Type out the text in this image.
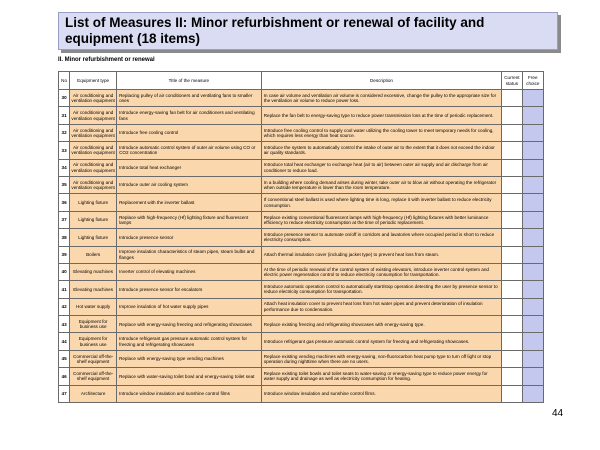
List of Measures II: Minor refurbishment or renewal of facility and equipment (18 items)
II. Minor refurbishment or renewal
No	Equipment type	Title of the measure	Description	Current status	Free choice
30	Air conditioning and ventilation equipment	Replacing pulley of air conditioners and ventilating fans to smaller ones	In case air volume and ventilation air volume is considered excessive, change the pulley to the appropriate size for the ventilation air volume to reduce power loss.		
31	Air conditioning and ventilation equipment	Introduce energy-saving fan belt for air conditioners and ventilating fans	Replace the fan belt to energy-saving type to reduce power transmission loss at the time of periodic replacement.		
32	Air conditioning and ventilation equipment	Introduce free cooling control	Introduce free cooling control to supply cool water utilizing the cooling tower to meet temporary needs for cooling, which requires less energy than heat source.		
33	Air conditioning and ventilation equipment	Introduce automatic control system of outer air volume using CO or CO2 concentration	Introduce the system to automatically control the intake of outer air to the extent that it does not exceed the indoor air quality standards.		
34	Air conditioning and ventilation equipment	Introduce total heat exchanger	Introduce total heat exchanger to exchange heat (air to air) between outer air supply and air discharge from air conditioner to reduce load.		
35	Air conditioning and ventilation equipment	Introduce outer air cooling system	In a building where cooling demand arises during winter, take outer air to blow air without operating the refrigerator when outside temperature is lower than the room temperature.		
36	Lighting fixture	Replacement with the inverter ballast	If conventional steel ballast is used where lighting time is long, replace it with inverter ballast to reduce electricity consumption.		
37	Lighting fixture	Replace with high-frequency (Hf) lighting fixture and fluorescent lamps	Replace existing conventional fluorescent lamps with high-frequency (Hf) lighting fixtures with better luminance efficiency to reduce electricity consumption at the time of periodic replacement.		
38	Lighting fixture	Introduce presence sensor	Introduce presence sensor to automate on/off in corridors and lavatories where occupied period is short to reduce electricity consumption.		
39	Boilers	Improve insulation characteristics of steam pipes, steam bulbs and flanges	Attach thermal insulation cover (including jacket type) to prevent heat loss from steam.		
40	Elevating machines	Inverter control of elevating machines	At the time of periodic renewal of the control system of existing elevators, introduce inverter control system and electric power regeneration control to reduce electricity consumption for transportation.		
41	Elevating machines	Introduce presence sensor for escalators	Introduce automatic operation control to automatically start/stop operation detecting the user by presence sensor to reduce electricity consumption for transportation.		
42	Hot water supply	Improve insulation of hot water supply pipes	Attach heat insulation cover to prevent heat loss from hot water pipes and prevent deterioration of insulation performance due to condensation.		
43	Equipment for business use	Replace with energy-saving freezing and refrigerating showcases	Replace existing freezing and refrigerating showcases with energy-saving type.		
44	Equipment for business use	Introduce refrigerant gas pressure automatic control system for freezing and refrigerating showcases	Introduce refrigerant gas pressure automatic control system for freezing and refrigerating showcases.		
45	Commercial off-the-shelf equipment	Replace with energy-saving type vending machines	Replace existing vending machines with energy-saving, non-fluorocarbon heat pump type to turn off light or stop operation during nighttime when there are no users.		
46	Commercial off-the-shelf equipment	Replace with water-saving toilet bowl and energy-saving toilet seat	Replace existing toilet bowls and toilet seats to water-saving or energy-saving type to reduce power energy for water supply and drainage as well as electricity consumption for heating.		
47	Architecture	Introduce window insulation and sunshine control films	Introduce window insulation and sunshine control films.		
44
